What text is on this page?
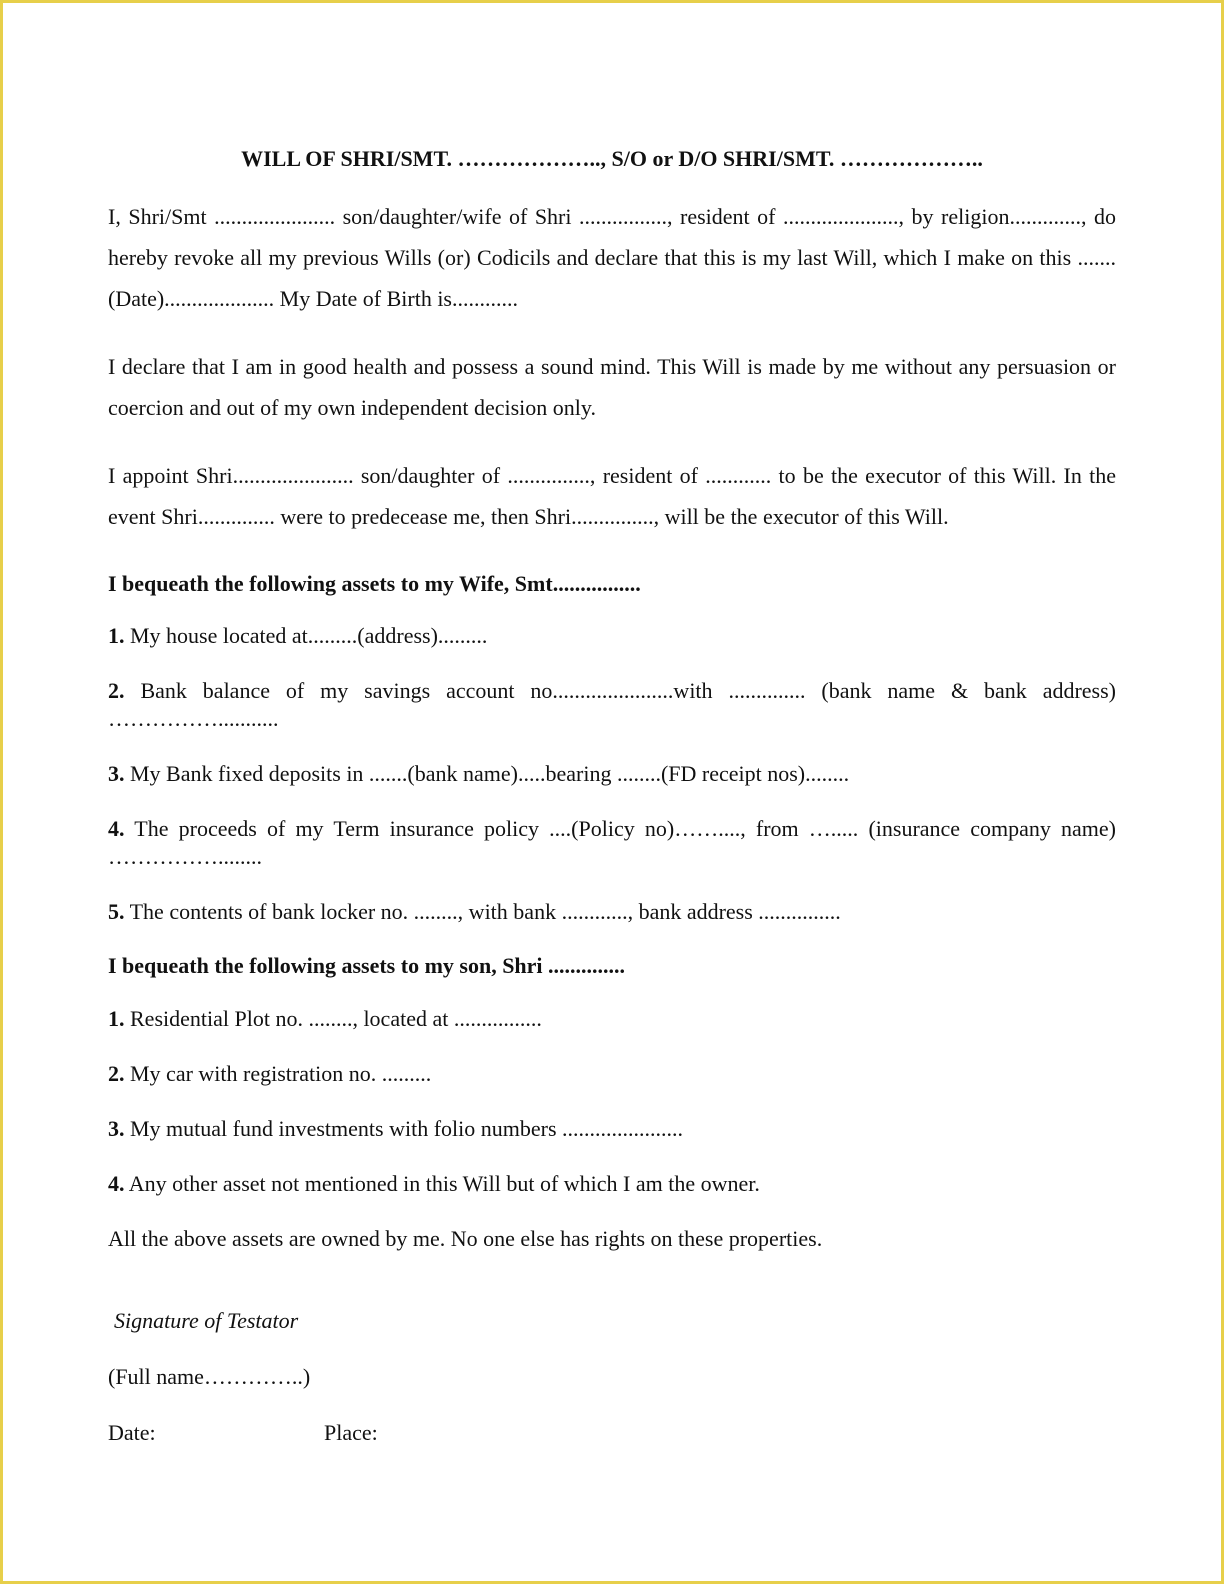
WILL OF SHRI/SMT. ……………….., S/O or D/O SHRI/SMT. ………………..

I, Shri/Smt ...................... son/daughter/wife of Shri ................, resident of ....................., by religion............., do hereby revoke all my previous Wills (or) Codicils and declare that this is my last Will, which I make on this .......(Date).................... My Date of Birth is............

I declare that I am in good health and possess a sound mind. This Will is made by me without any persuasion or coercion and out of my own independent decision only.

I appoint Shri...................... son/daughter of ..............., resident of ............ to be the executor of this Will. In the event Shri.............. were to predecease me, then Shri..............., will be the executor of this Will.

I bequeath the following assets to my Wife, Smt................

1. My house located at.........(address).........

2. Bank balance of my savings account no......................with .............. (bank name & bank address) ……………...........

3. My Bank fixed deposits in .......(bank name).....bearing ........(FD receipt nos)........

4. The proceeds of my Term insurance policy ....(Policy no)……...., from …..... (insurance company name) ……………........

5. The contents of bank locker no. ........, with bank ............, bank address ...............

I bequeath the following assets to my son, Shri ..............

1. Residential Plot no. ........, located at ................

2. My car with registration no. .........

3. My mutual fund investments with folio numbers ......................

4. Any other asset not mentioned in this Will but of which I am the owner.

All the above assets are owned by me. No one else has rights on these properties.

Signature of Testator

(Full name…………..)

Date:	Place:
